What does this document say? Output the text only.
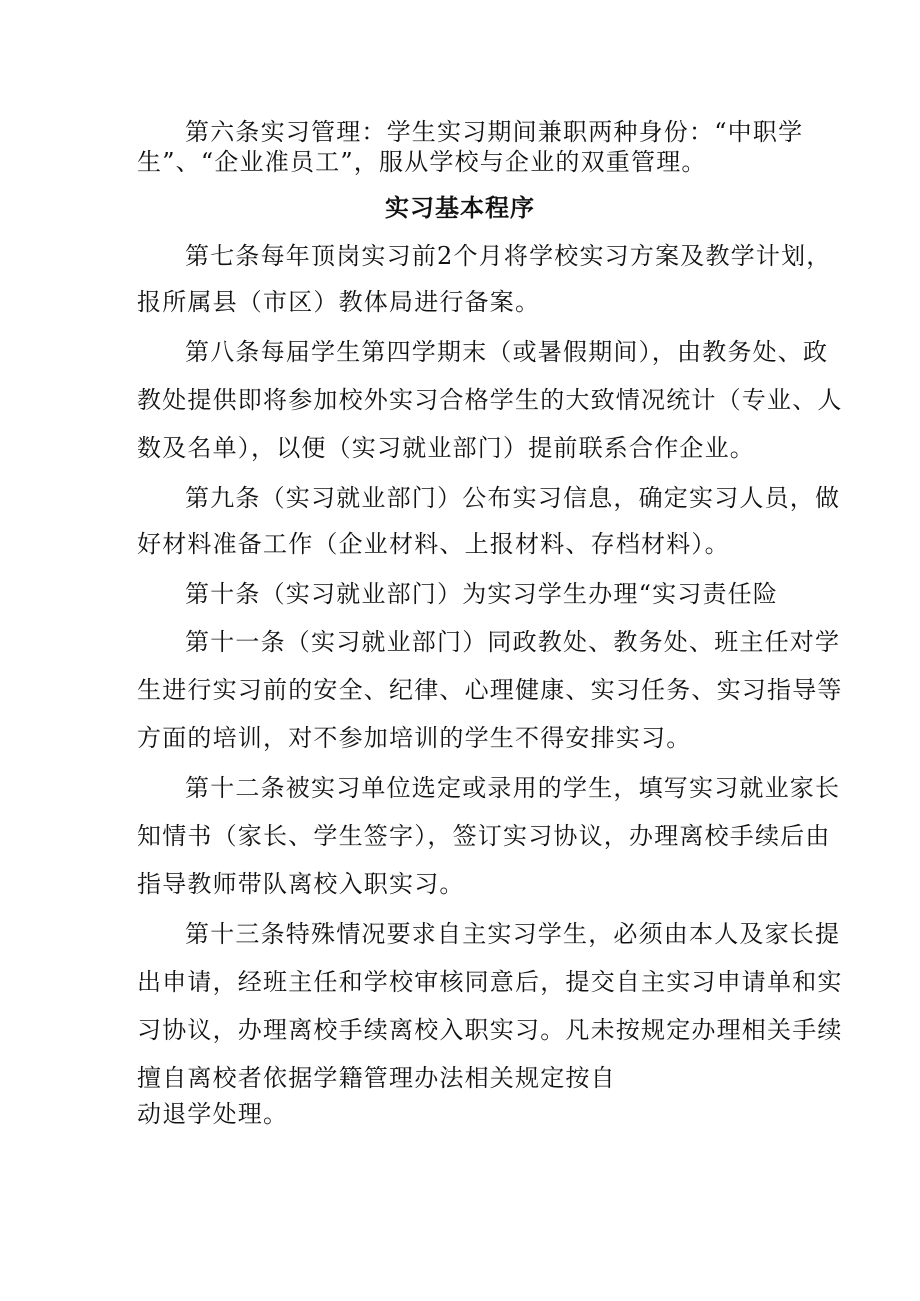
第六条实习管理：学生实习期间兼职两种身份：“中职学
生”、“企业准员工”，服从学校与企业的双重管理。
实习基本程序
第七条每年顶岗实习前2个月将学校实习方案及教学计划，
报所属县（市区）教体局进行备案。
第八条每届学生第四学期末（或暑假期间），由教务处、政
教处提供即将参加校外实习合格学生的大致情况统计（专业、人
数及名单），以便（实习就业部门）提前联系合作企业。
第九条（实习就业部门）公布实习信息，确定实习人员，做
好材料准备工作（企业材料、上报材料、存档材料）。
第十条（实习就业部门）为实习学生办理“实习责任险
第十一条（实习就业部门）同政教处、教务处、班主任对学
生进行实习前的安全、纪律、心理健康、实习任务、实习指导等
方面的培训，对不参加培训的学生不得安排实习。
第十二条被实习单位选定或录用的学生，填写实习就业家长
知情书（家长、学生签字），签订实习协议，办理离校手续后由
指导教师带队离校入职实习。
第十三条特殊情况要求自主实习学生，必须由本人及家长提
出申请，经班主任和学校审核同意后，提交自主实习申请单和实
习协议，办理离校手续离校入职实习。凡未按规定办理相关手续
擅自离校者依据学籍管理办法相关规定按自
动退学处理。
